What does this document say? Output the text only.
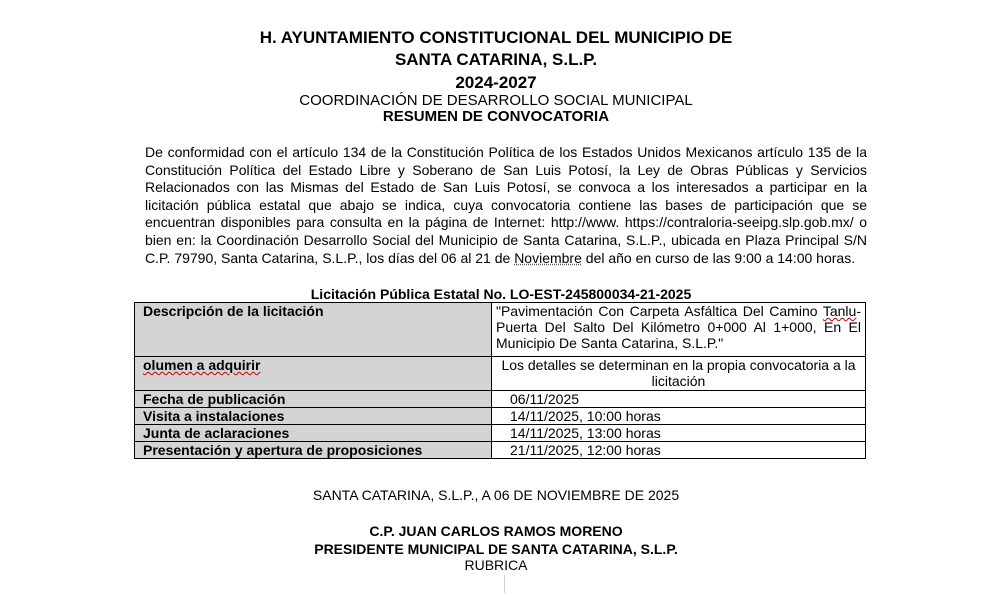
H. AYUNTAMIENTO CONSTITUCIONAL DEL MUNICIPIO DE
SANTA CATARINA, S.L.P.
2024-2027
COORDINACIÓN DE DESARROLLO SOCIAL MUNICIPAL
RESUMEN DE CONVOCATORIA
De conformidad con el artículo 134 de la Constitución Política de los Estados Unidos Mexicanos artículo 135 de la Constitución Política del Estado Libre y Soberano de San Luis Potosí, la Ley de Obras Públicas y Servicios Relacionados con las Mismas del Estado de San Luis Potosí, se convoca a los interesados a participar en la licitación pública estatal que abajo se indica, cuya convocatoria contiene las bases de participación que se encuentran disponibles para consulta en la página de Internet: http://www. https://contraloria-seeipg.slp.gob.mx/ o bien en: la Coordinación Desarrollo Social del Municipio de Santa Catarina, S.L.P., ubicada en Plaza Principal S/N C.P. 79790, Santa Catarina, S.L.P., los días del 06 al 21 de Noviembre del año en curso de las 9:00 a 14:00 horas.
Licitación Pública Estatal No. LO-EST-245800034-21-2025
Descripción de la licitación	"Pavimentación Con Carpeta Asfáltica Del Camino Tanlu-Puerta Del Salto Del Kilómetro 0+000 Al 1+000, En El Municipio De Santa Catarina, S.L.P."
olumen a adquirir	Los detalles se determinan en la propia convocatoria a la licitación
Fecha de publicación	06/11/2025
Visita a instalaciones	14/11/2025, 10:00 horas
Junta de aclaraciones	14/11/2025, 13:00 horas
Presentación y apertura de proposiciones	21/11/2025, 12:00 horas
SANTA CATARINA, S.L.P., A 06 DE NOVIEMBRE DE 2025
C.P. JUAN CARLOS RAMOS MORENO
PRESIDENTE MUNICIPAL DE SANTA CATARINA, S.L.P.
RUBRICA
